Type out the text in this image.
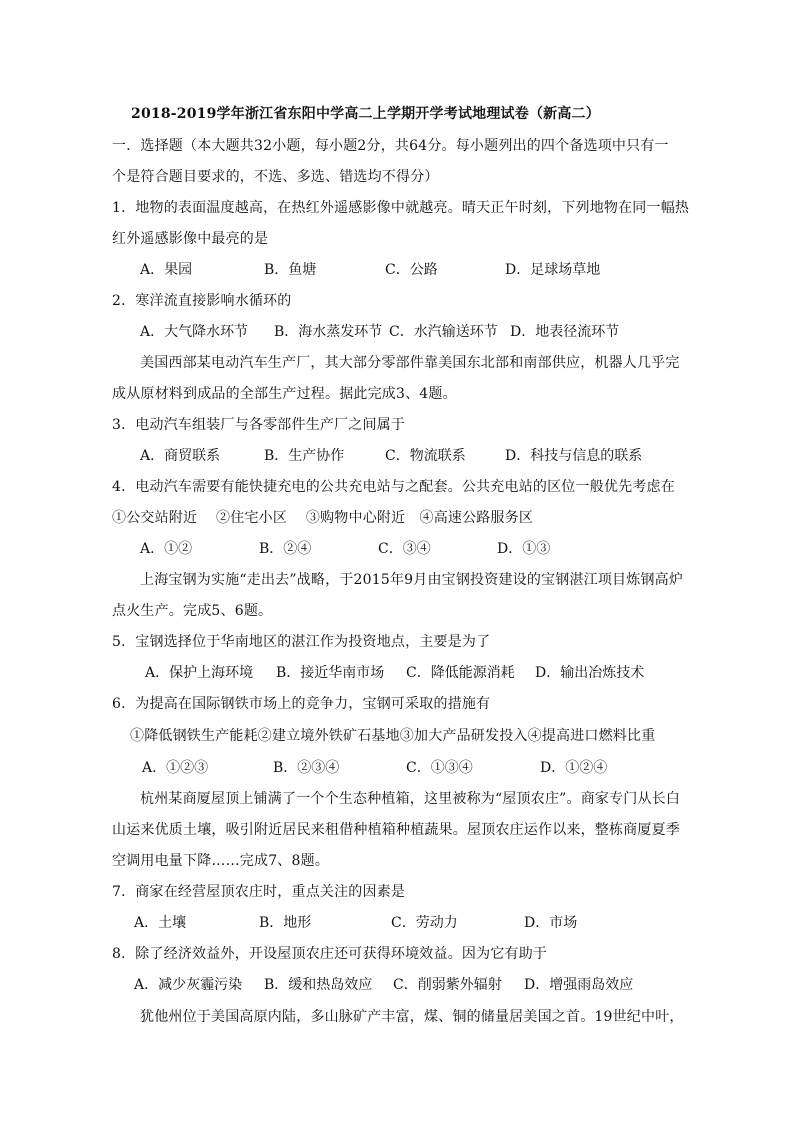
2018-2019学年浙江省东阳中学高二上学期开学考试地理试卷（新高二）
一．选择题（本大题共32小题，每小题2分，共64分。每小题列出的四个备选项中只有一
个是符合题目要求的，不选、多选、错选均不得分）
1．地物的表面温度越高，在热红外遥感影像中就越亮。晴天正午时刻，下列地物在同一幅热
红外遥感影像中最亮的是
A．果园	B．鱼塘	C．公路	D．足球场草地
2．寒洋流直接影响水循环的
A．大气降水环节 B．海水蒸发环节 C．水汽输送环节 D．地表径流环节
美国西部某电动汽车生产厂，其大部分零部件靠美国东北部和南部供应，机器人几乎完
成从原材料到成品的全部生产过程。据此完成3、4题。
3．电动汽车组装厂与各零部件生产厂之间属于
A．商贸联系	B．生产协作	C．物流联系	D．科技与信息的联系
4．电动汽车需要有能快捷充电的公共充电站与之配套。公共充电站的区位一般优先考虑在
①公交站附近　 ②住宅小区　 ③购物中心附近　④高速公路服务区
A．①②	B．②④	C．③④	D．①③
上海宝钢为实施“走出去”战略，于2015年9月由宝钢投资建设的宝钢湛江项目炼钢高炉
点火生产。完成5、6题。
5．宝钢选择位于华南地区的湛江作为投资地点，主要是为了
A．保护上海环境 B．接近华南市场 C．降低能源消耗 D．输出冶炼技术
6．为提高在国际钢铁市场上的竞争力，宝钢可采取的措施有
①降低钢铁生产能耗②建立境外铁矿石基地③加大产品研发投入④提高进口燃料比重
A．①②③	B．②③④	C．①③④	D．①②④
杭州某商厦屋顶上铺满了一个个生态种植箱，这里被称为“屋顶农庄”。商家专门从长白
山运来优质土壤，吸引附近居民来租借种植箱种植蔬果。屋顶农庄运作以来，整栋商厦夏季
空调用电量下降……完成7、8题。
7．商家在经营屋顶农庄时，重点关注的因素是
A．土壤	B．地形	C．劳动力	D．市场
8．除了经济效益外，开设屋顶农庄还可获得环境效益。因为它有助于
A．减少灰霾污染 B．缓和热岛效应 C．削弱紫外辐射 D．增强雨岛效应
犹他州位于美国高原内陆，多山脉矿产丰富，煤、铜的储量居美国之首。19世纪中叶，
